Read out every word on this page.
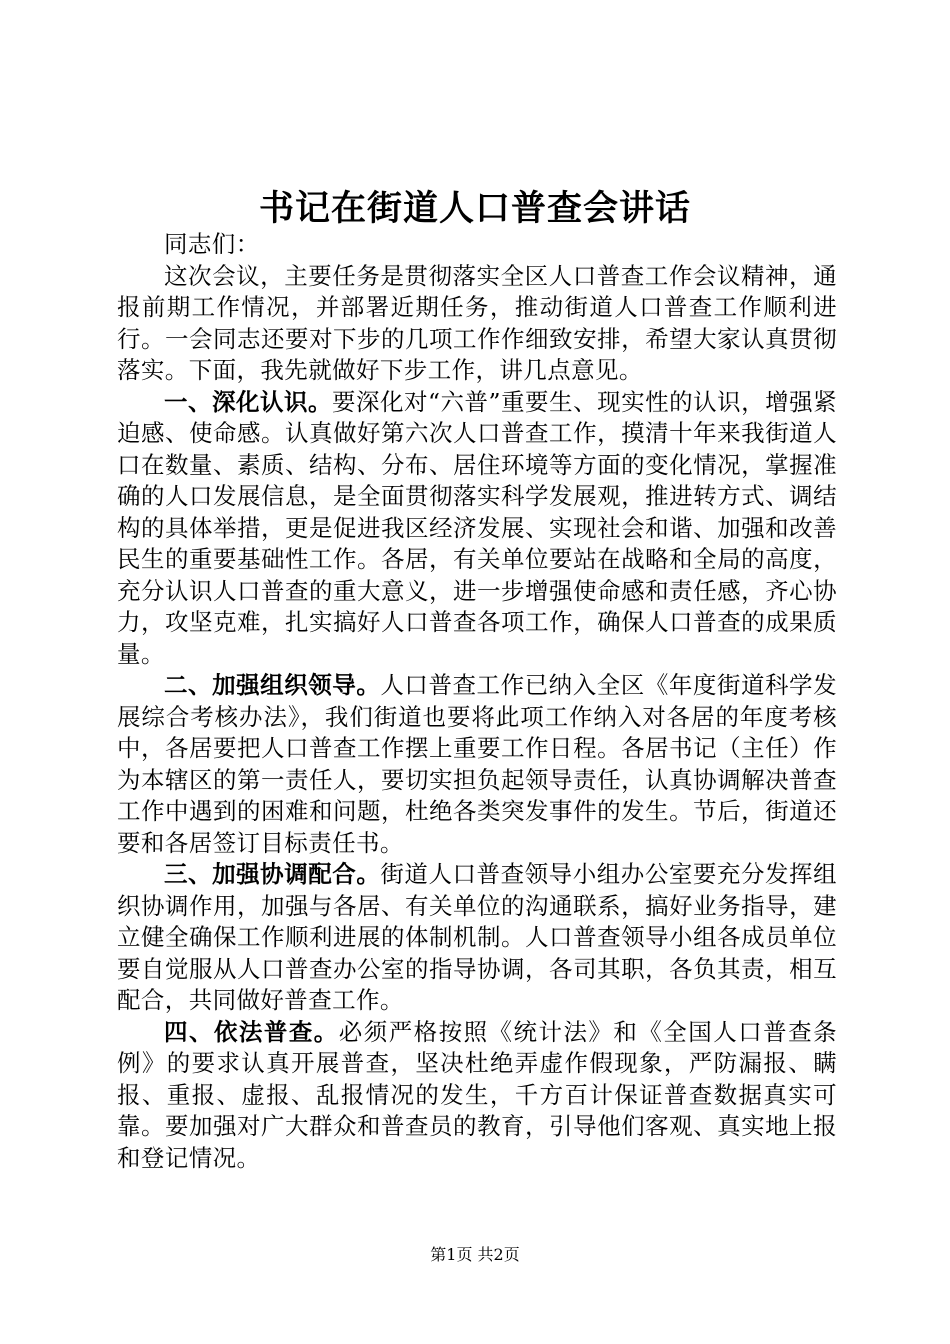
书记在街道人口普查会讲话

同志们：

这次会议，主要任务是贯彻落实全区人口普查工作会议精神，通报前期工作情况，并部署近期任务，推动街道人口普查工作顺利进行。一会同志还要对下步的几项工作作细致安排，希望大家认真贯彻落实。下面，我先就做好下步工作，讲几点意见。

一、深化认识。要深化对“六普”重要生、现实性的认识，增强紧迫感、使命感。认真做好第六次人口普查工作，摸清十年来我街道人口在数量、素质、结构、分布、居住环境等方面的变化情况，掌握准确的人口发展信息，是全面贯彻落实科学发展观，推进转方式、调结构的具体举措，更是促进我区经济发展、实现社会和谐、加强和改善民生的重要基础性工作。各居，有关单位要站在战略和全局的高度，充分认识人口普查的重大意义，进一步增强使命感和责任感，齐心协力，攻坚克难，扎实搞好人口普查各项工作，确保人口普查的成果质量。

二、加强组织领导。人口普查工作已纳入全区《年度街道科学发展综合考核办法》，我们街道也要将此项工作纳入对各居的年度考核中，各居要把人口普查工作摆上重要工作日程。各居书记（主任）作为本辖区的第一责任人，要切实担负起领导责任，认真协调解决普查工作中遇到的困难和问题，杜绝各类突发事件的发生。节后，街道还要和各居签订目标责任书。

三、加强协调配合。街道人口普查领导小组办公室要充分发挥组织协调作用，加强与各居、有关单位的沟通联系，搞好业务指导，建立健全确保工作顺利进展的体制机制。人口普查领导小组各成员单位要自觉服从人口普查办公室的指导协调，各司其职，各负其责，相互配合，共同做好普查工作。

四、依法普查。必须严格按照《统计法》和《全国人口普查条例》的要求认真开展普查，坚决杜绝弄虚作假现象，严防漏报、瞒报、重报、虚报、乱报情况的发生，千方百计保证普查数据真实可靠。要加强对广大群众和普查员的教育，引导他们客观、真实地上报和登记情况。

第1页 共2页
